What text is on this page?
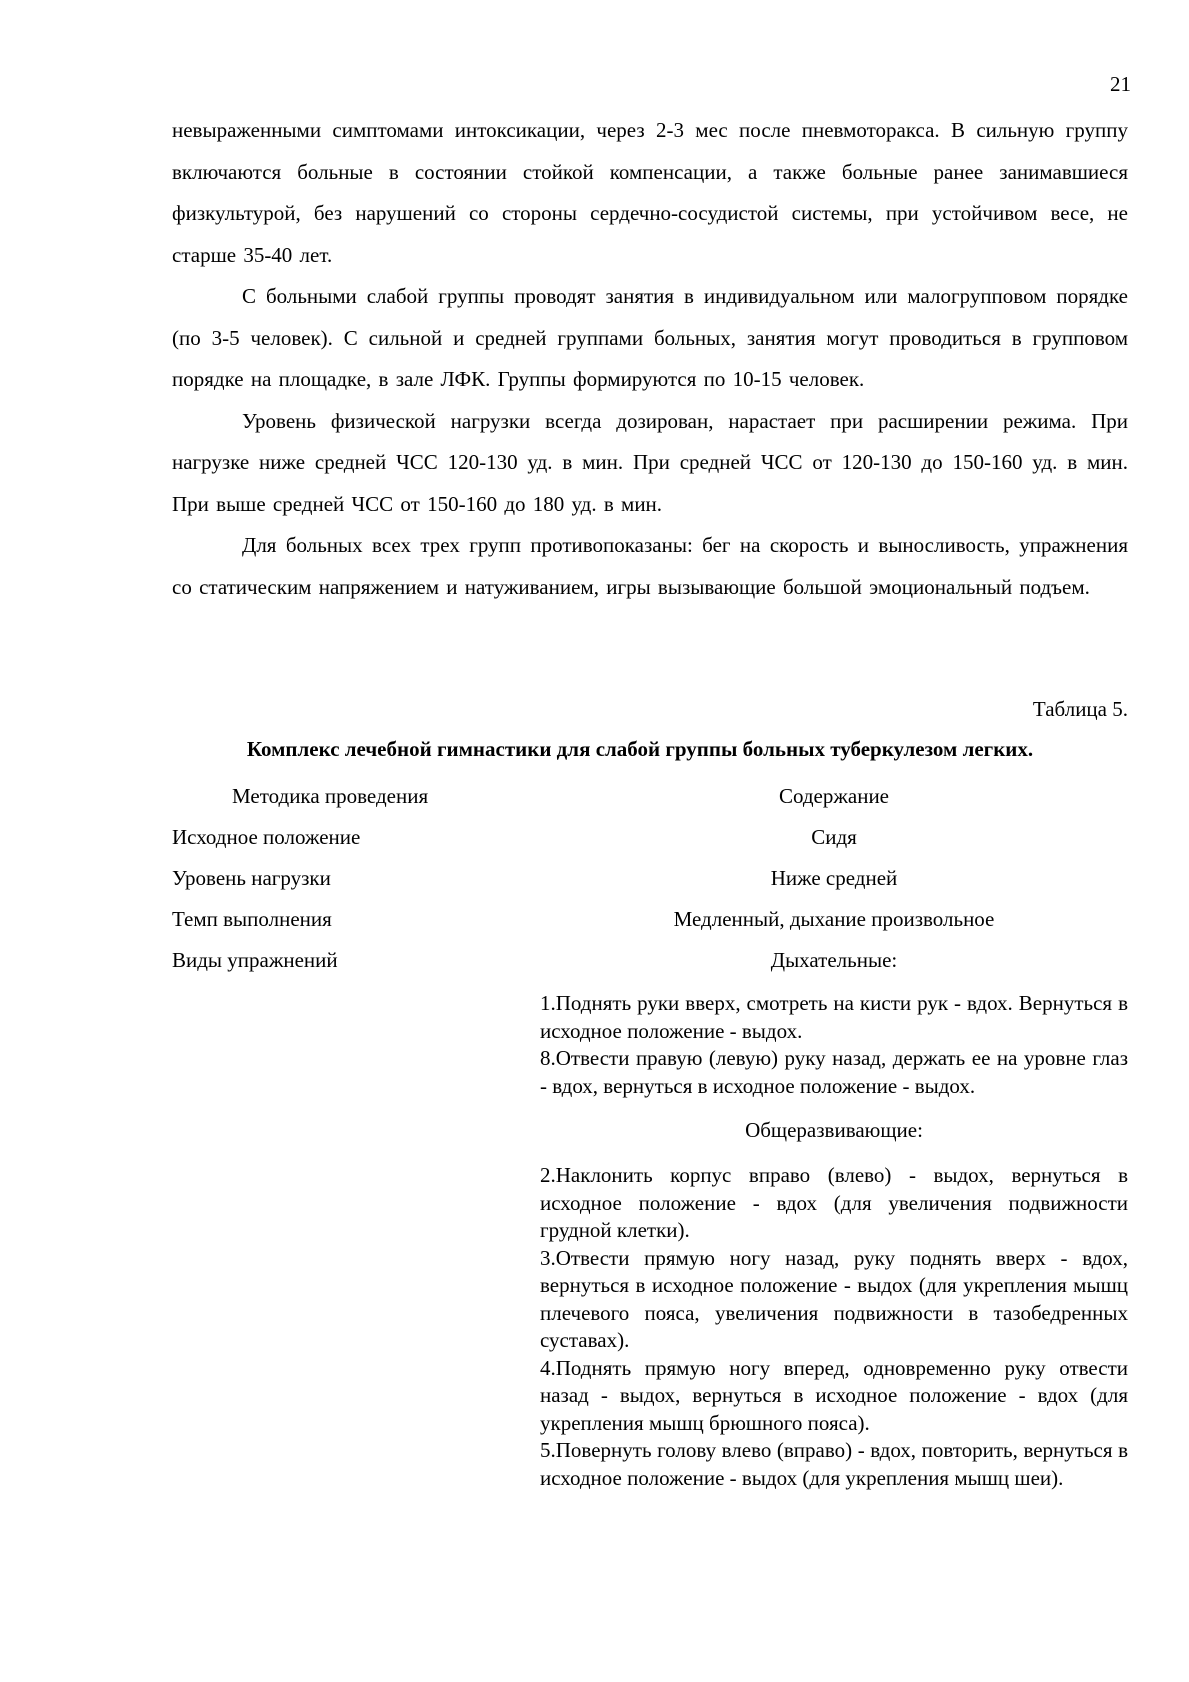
21

невыраженными симптомами интоксикации, через 2-3 мес после пневмоторакса. В сильную группу включаются больные в состоянии стойкой компенсации, а также больные ранее занимавшиеся физкультурой, без нарушений со стороны сердечно-сосудистой системы, при устойчивом весе, не старше 35-40 лет.

С больными слабой группы проводят занятия в индивидуальном или малогрупповом порядке (по 3-5 человек). С сильной и средней группами больных, занятия могут проводиться в групповом порядке на площадке, в зале ЛФК. Группы формируются по 10-15 человек.

Уровень физической нагрузки всегда дозирован, нарастает при расширении режима. При нагрузке ниже средней ЧСС 120-130 уд. в мин. При средней ЧСС от 120-130 до 150-160 уд. в мин. При выше средней ЧСС от 150-160 до 180 уд. в мин.

Для больных всех трех групп противопоказаны: бег на скорость и выносливость, упражнения со статическим напряжением и натуживанием, игры вызывающие большой эмоциональный подъем.

Таблица 5.
Комплекс лечебной гимнастики для слабой группы больных туберкулезом легких.
Методика проведения	Содержание
Исходное положение	Сидя
Уровень нагрузки	Ниже средней
Темп выполнения	Медленный, дыхание произвольное
Виды упражнений	Дыхательные:

1.Поднять руки вверх, смотреть на кисти рук - вдох. Вернуться в исходное положение - выдох.

8.Отвести правую (левую) руку назад, держать ее на уровне глаз - вдох, вернуться в исходное положение - выдох.

Общеразвивающие:

2.Наклонить корпус вправо (влево) - выдох, вернуться в исходное положение - вдох (для увеличения подвижности грудной клетки).

3.Отвести прямую ногу назад, руку поднять вверх - вдох, вернуться в исходное положение - выдох (для укрепления мышц плечевого пояса, увеличения подвижности в тазобедренных суставах).

4.Поднять прямую ногу вперед, одновременно руку отвести назад - выдох, вернуться в исходное положение - вдох (для укрепления мышц брюшного пояса).

5.Повернуть голову влево (вправо) - вдох, повторить, вернуться в исходное положение - выдох (для укрепления мышц шеи).
